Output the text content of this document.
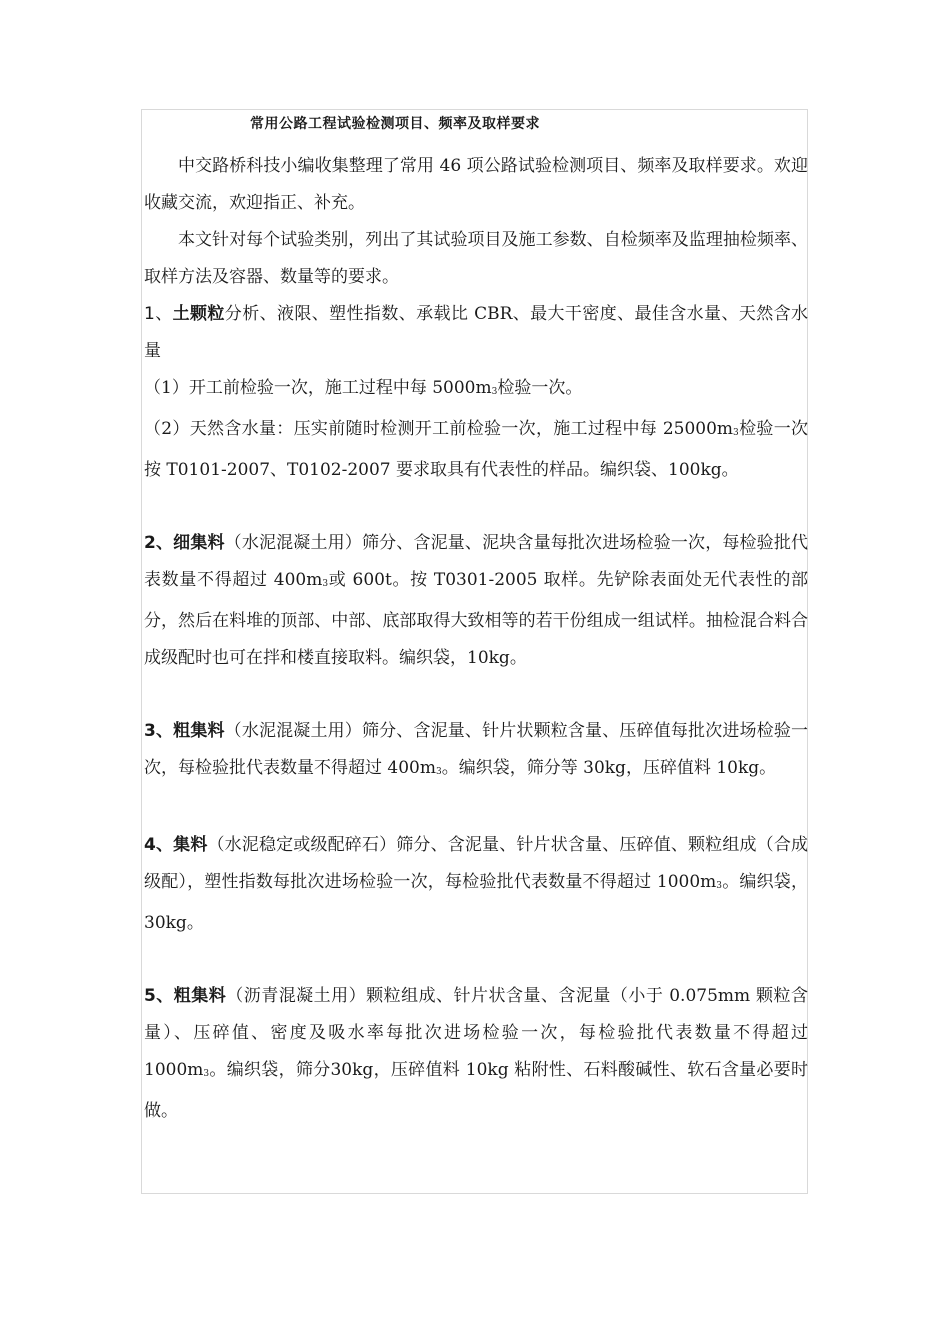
常用公路工程试验检测项目、频率及取样要求

中交路桥科技小编收集整理了常用 46 项公路试验检测项目、频率及取样要求。欢迎收藏交流，欢迎指正、补充。

本文针对每个试验类别，列出了其试验项目及施工参数、自检频率及监理抽检频率、取样方法及容器、数量等的要求。

1、土颗粒分析、液限、塑性指数、承载比 CBR、最大干密度、最佳含水量、天然含水量

（1）开工前检验一次，施工过程中每 5000m3检验一次。

（2）天然含水量：压实前随时检测开工前检验一次，施工过程中每 25000m3检验一次按 T0101-2007、T0102-2007 要求取具有代表性的样品。编织袋、100kg。

2、细集料（水泥混凝土用）筛分、含泥量、泥块含量每批次进场检验一次，每检验批代表数量不得超过 400m3或 600t。按 T0301-2005 取样。先铲除表面处无代表性的部分，然后在料堆的顶部、中部、底部取得大致相等的若干份组成一组试样。抽检混合料合成级配时也可在拌和楼直接取料。编织袋，10kg。

3、粗集料（水泥混凝土用）筛分、含泥量、针片状颗粒含量、压碎值每批次进场检验一次，每检验批代表数量不得超过 400m3。编织袋，筛分等 30kg，压碎值料 10kg。

4、集料（水泥稳定或级配碎石）筛分、含泥量、针片状含量、压碎值、颗粒组成（合成级配），塑性指数每批次进场检验一次，每检验批代表数量不得超过 1000m3。编织袋，30kg。

5、粗集料（沥青混凝土用）颗粒组成、针片状含量、含泥量（小于 0.075mm 颗粒含量）、压碎值、密度及吸水率每批次进场检验一次，每检验批代表数量不得超过 1000m3。编织袋，筛分30kg，压碎值料 10kg 粘附性、石料酸碱性、软石含量必要时做。
